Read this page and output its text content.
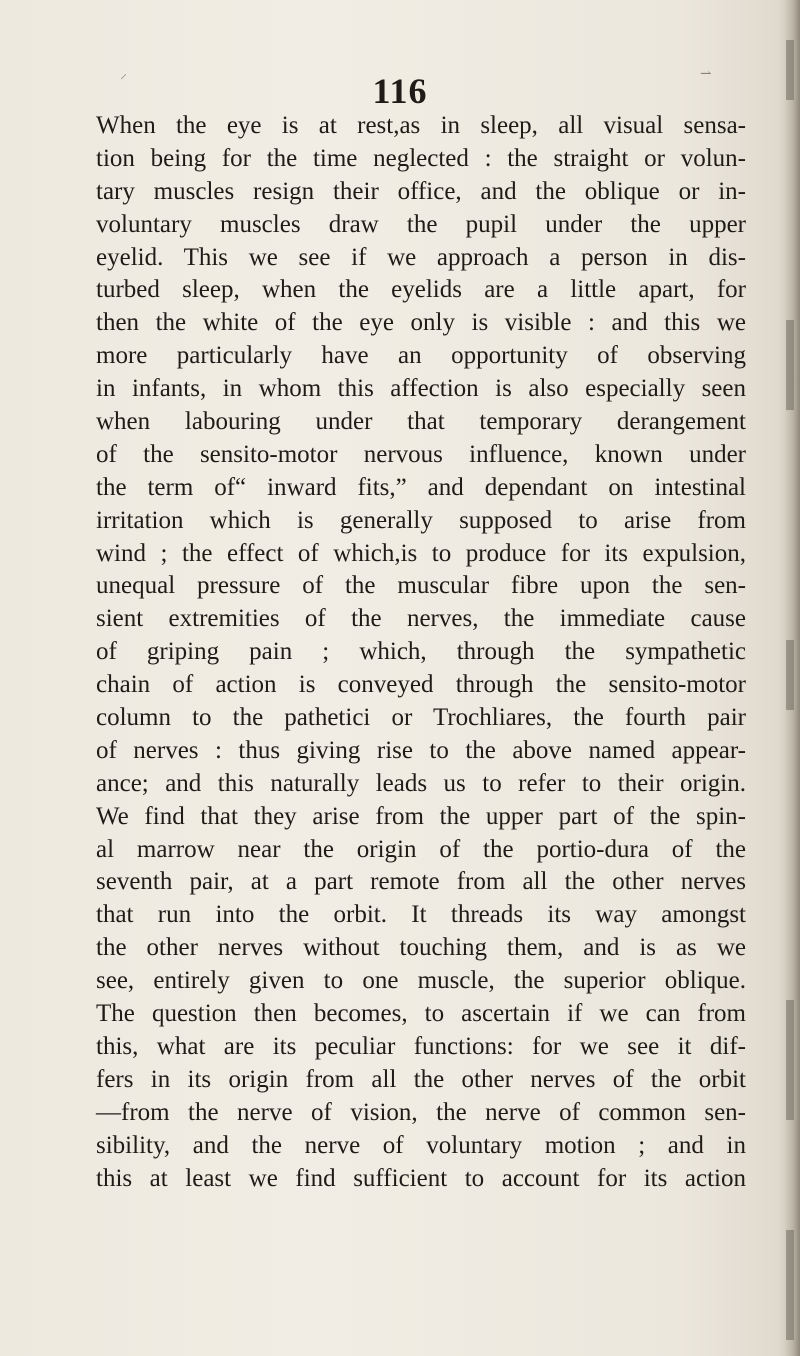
⸍	⇀
116
When the eye is at rest,as in sleep, all visual sensa-
tion being for the time neglected : the straight or volun-
tary muscles resign their office, and the oblique or in-
voluntary muscles draw the pupil under the upper
eyelid. This we see if we approach a person in dis-
turbed sleep, when the eyelids are a little apart, for
then the white of the eye only is visible : and this we
more particularly have an opportunity of observing
in infants, in whom this affection is also especially seen
when labouring under that temporary derangement
of the sensito-motor nervous influence, known under
the term of“ inward fits,” and dependant on intestinal
irritation which is generally supposed to arise from
wind ; the effect of which,is to produce for its expulsion,
unequal pressure of the muscular fibre upon the sen-
sient extremities of the nerves, the immediate cause
of griping pain ; which, through the sympathetic
chain of action is conveyed through the sensito-motor
column to the pathetici or Trochliares, the fourth pair
of nerves : thus giving rise to the above named appear-
ance; and this naturally leads us to refer to their origin.
We find that they arise from the upper part of the spin-
al marrow near the origin of the portio-dura of the
seventh pair, at a part remote from all the other nerves
that run into the orbit. It threads its way amongst
the other nerves without touching them, and is as we
see, entirely given to one muscle, the superior oblique.
The question then becomes, to ascertain if we can from
this, what are its peculiar functions: for we see it dif-
fers in its origin from all the other nerves of the orbit
—from the nerve of vision, the nerve of common sen-
sibility, and the nerve of voluntary motion ; and in
this at least we find sufficient to account for its action
